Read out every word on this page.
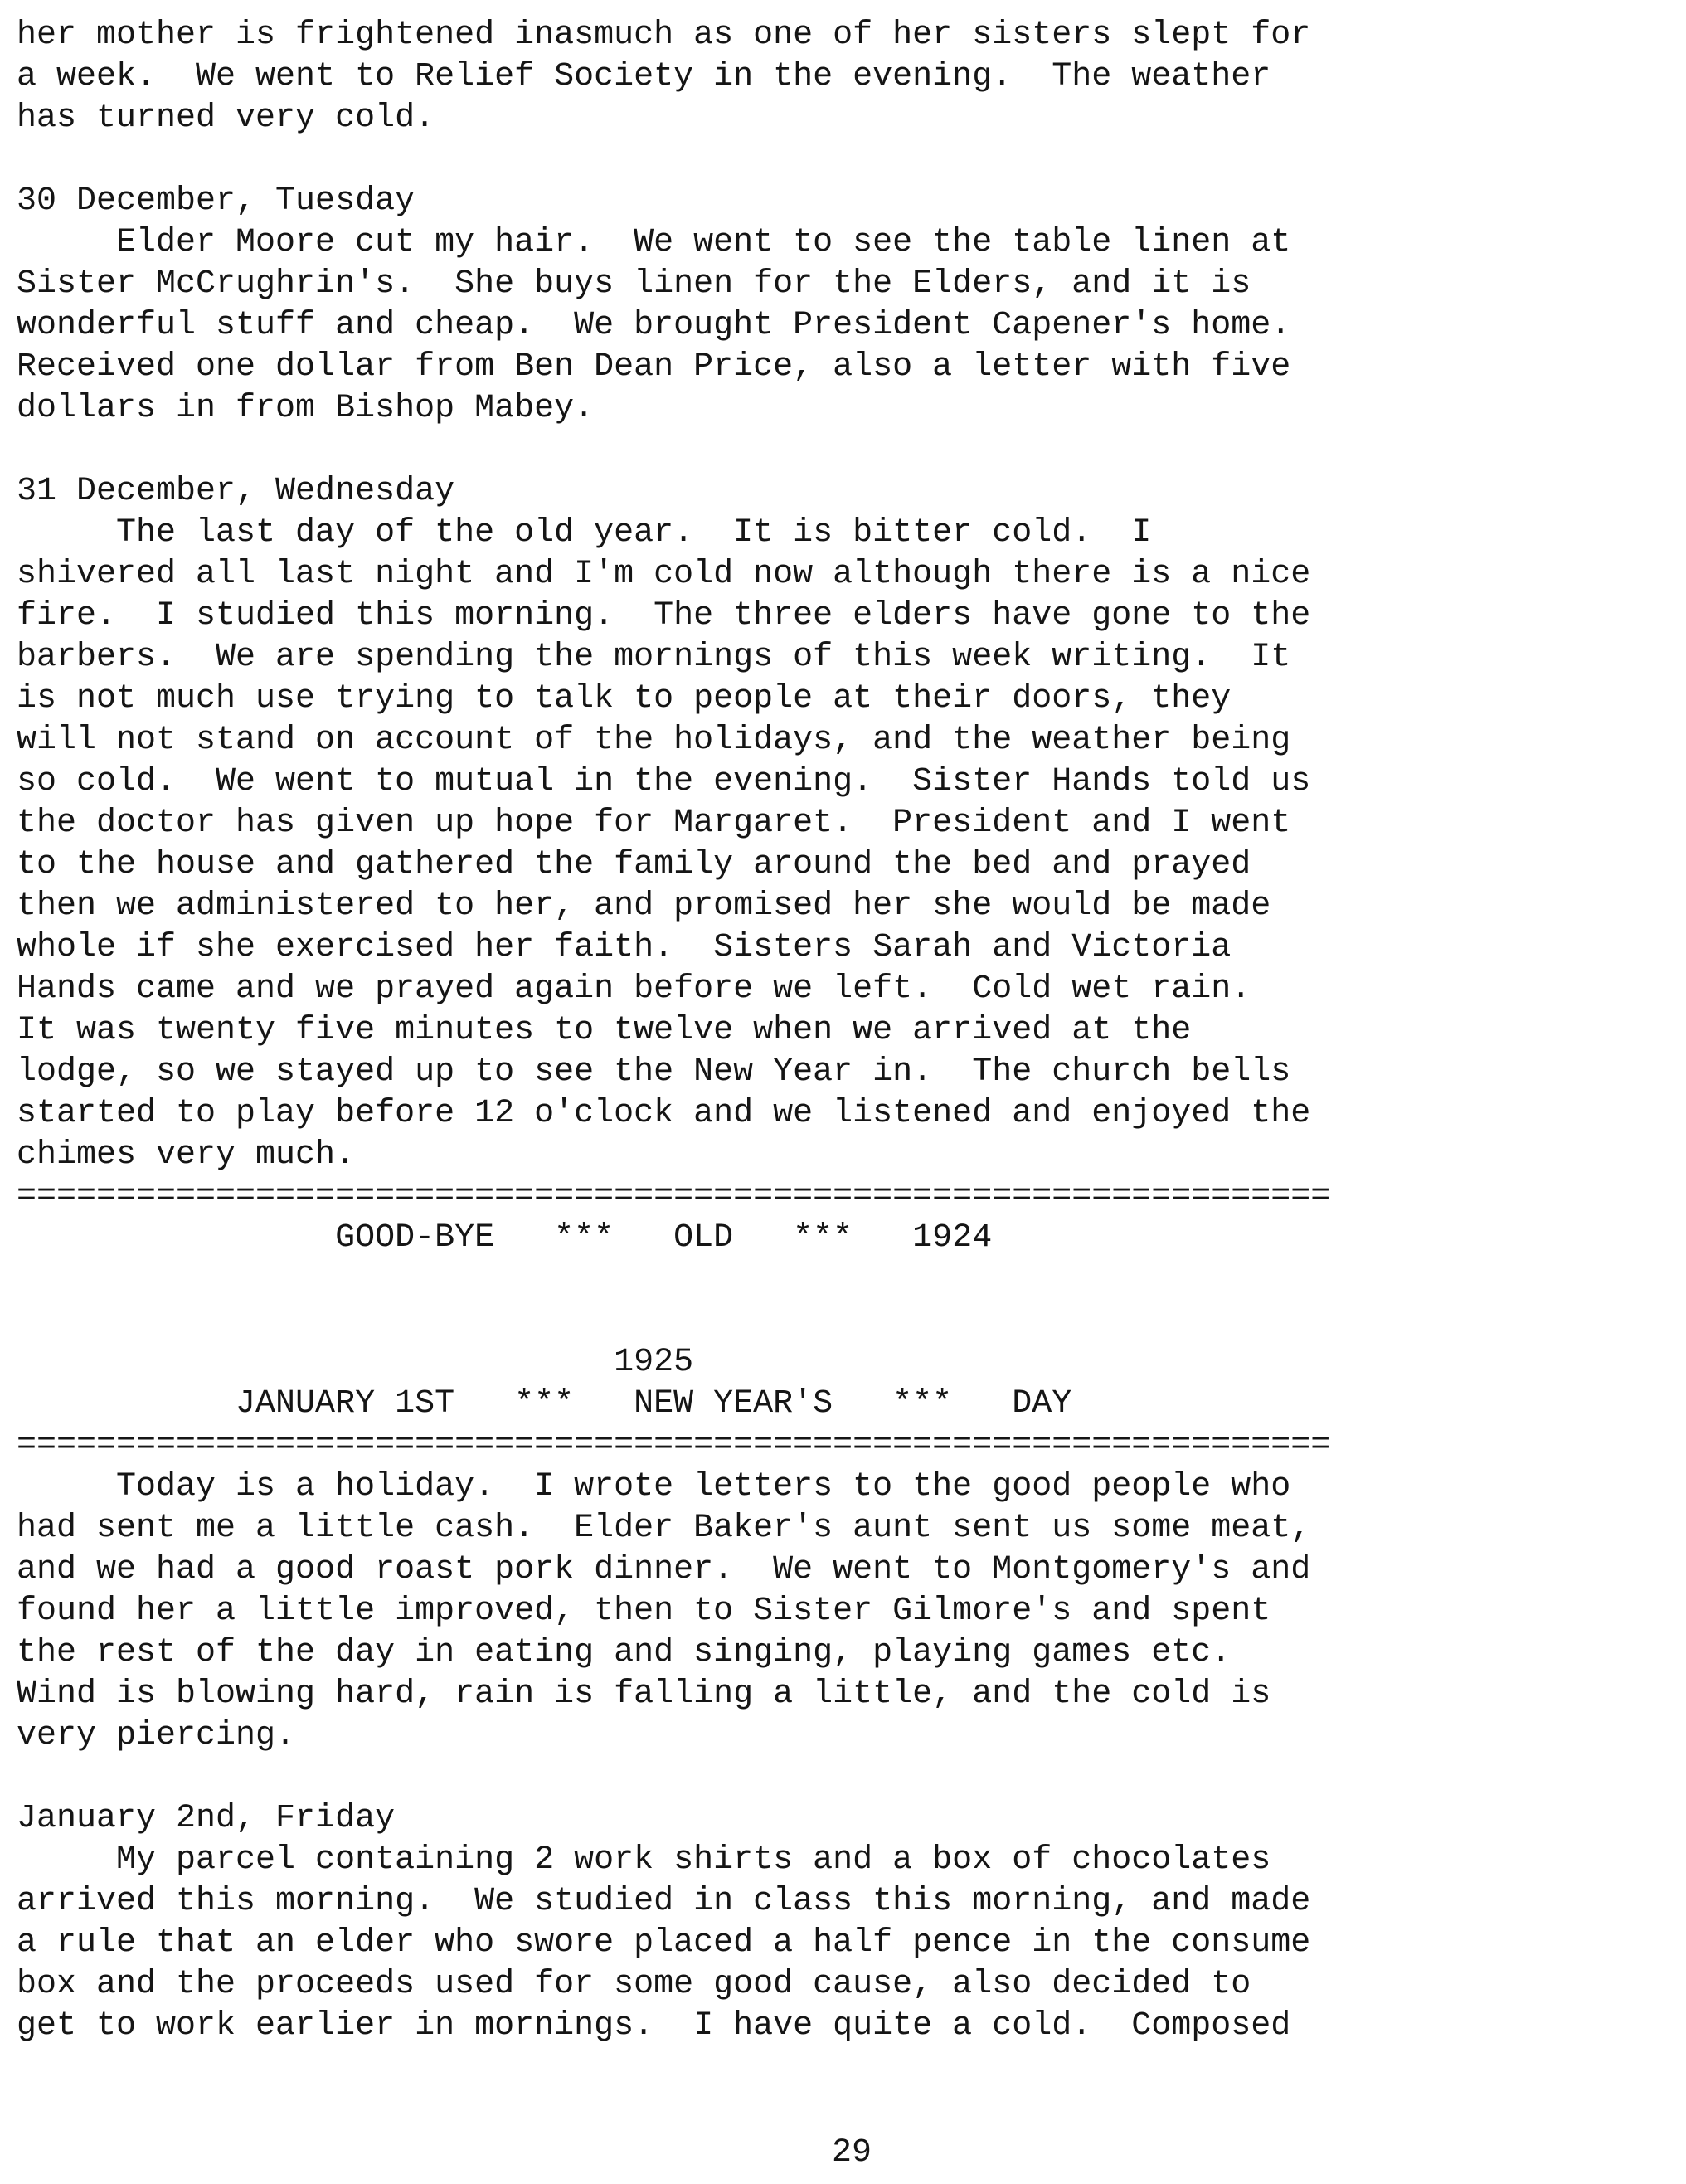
her mother is frightened inasmuch as one of her sisters slept for
a week.  We went to Relief Society in the evening.  The weather
has turned very cold.
30 December, Tuesday
Elder Moore cut my hair.  We went to see the table linen at
Sister McCrughrin's.  She buys linen for the Elders, and it is
wonderful stuff and cheap.  We brought President Capener's home.
Received one dollar from Ben Dean Price, also a letter with five
dollars in from Bishop Mabey.
31 December, Wednesday
The last day of the old year.  It is bitter cold.  I
shivered all last night and I'm cold now although there is a nice
fire.  I studied this morning.  The three elders have gone to the
barbers.  We are spending the mornings of this week writing.  It
is not much use trying to talk to people at their doors, they
will not stand on account of the holidays, and the weather being
so cold.  We went to mutual in the evening.  Sister Hands told us
the doctor has given up hope for Margaret.  President and I went
to the house and gathered the family around the bed and prayed
then we administered to her, and promised her she would be made
whole if she exercised her faith.  Sisters Sarah and Victoria
Hands came and we prayed again before we left.  Cold wet rain.
It was twenty five minutes to twelve when we arrived at the
lodge, so we stayed up to see the New Year in.  The church bells
started to play before 12 o'clock and we listened and enjoyed the
chimes very much.
==================================================================
GOOD-BYE   ***   OLD   ***   1924
1925
JANUARY 1ST   ***   NEW YEAR'S   ***   DAY
==================================================================
Today is a holiday.  I wrote letters to the good people who
had sent me a little cash.  Elder Baker's aunt sent us some meat,
and we had a good roast pork dinner.  We went to Montgomery's and
found her a little improved, then to Sister Gilmore's and spent
the rest of the day in eating and singing, playing games etc.
Wind is blowing hard, rain is falling a little, and the cold is
very piercing.
January 2nd, Friday
My parcel containing 2 work shirts and a box of chocolates
arrived this morning.  We studied in class this morning, and made
a rule that an elder who swore placed a half pence in the consume
box and the proceeds used for some good cause, also decided to
get to work earlier in mornings.  I have quite a cold.  Composed
29
